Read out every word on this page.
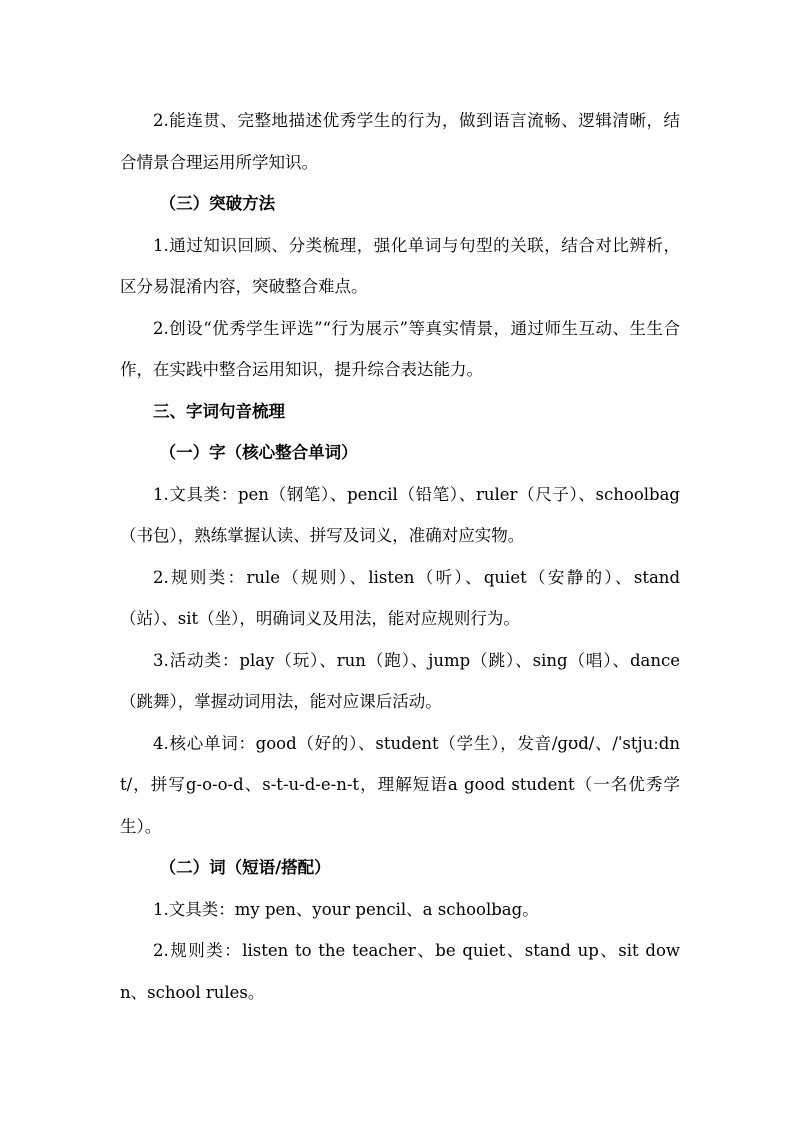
2.能连贯、完整地描述优秀学生的行为，做到语言流畅、逻辑清晰，结合情景合理运用所学知识。

（三）突破方法

1.通过知识回顾、分类梳理，强化单词与句型的关联，结合对比辨析，区分易混淆内容，突破整合难点。

2.创设“优秀学生评选”“行为展示”等真实情景，通过师生互动、生生合作，在实践中整合运用知识，提升综合表达能力。

三、字词句音梳理

（一）字（核心整合单词）

1.文具类：pen（钢笔）、pencil（铅笔）、ruler（尺子）、schoolbag（书包），熟练掌握认读、拼写及词义，准确对应实物。

2.规则类：rule（规则）、listen（听）、quiet（安静的）、stand（站）、sit（坐），明确词义及用法，能对应规则行为。

3.活动类：play（玩）、run（跑）、jump（跳）、sing（唱）、dance（跳舞），掌握动词用法，能对应课后活动。

4.核心单词：good（好的）、student（学生），发音/ɡʊd/、/ˈstjuːdnt/，拼写g-o-o-d、s-t-u-d-e-n-t，理解短语a good student（一名优秀学生）。

（二）词（短语/搭配）

1.文具类：my pen、your pencil、a schoolbag。

2.规则类：listen to the teacher、be quiet、stand up、sit down、school rules。
